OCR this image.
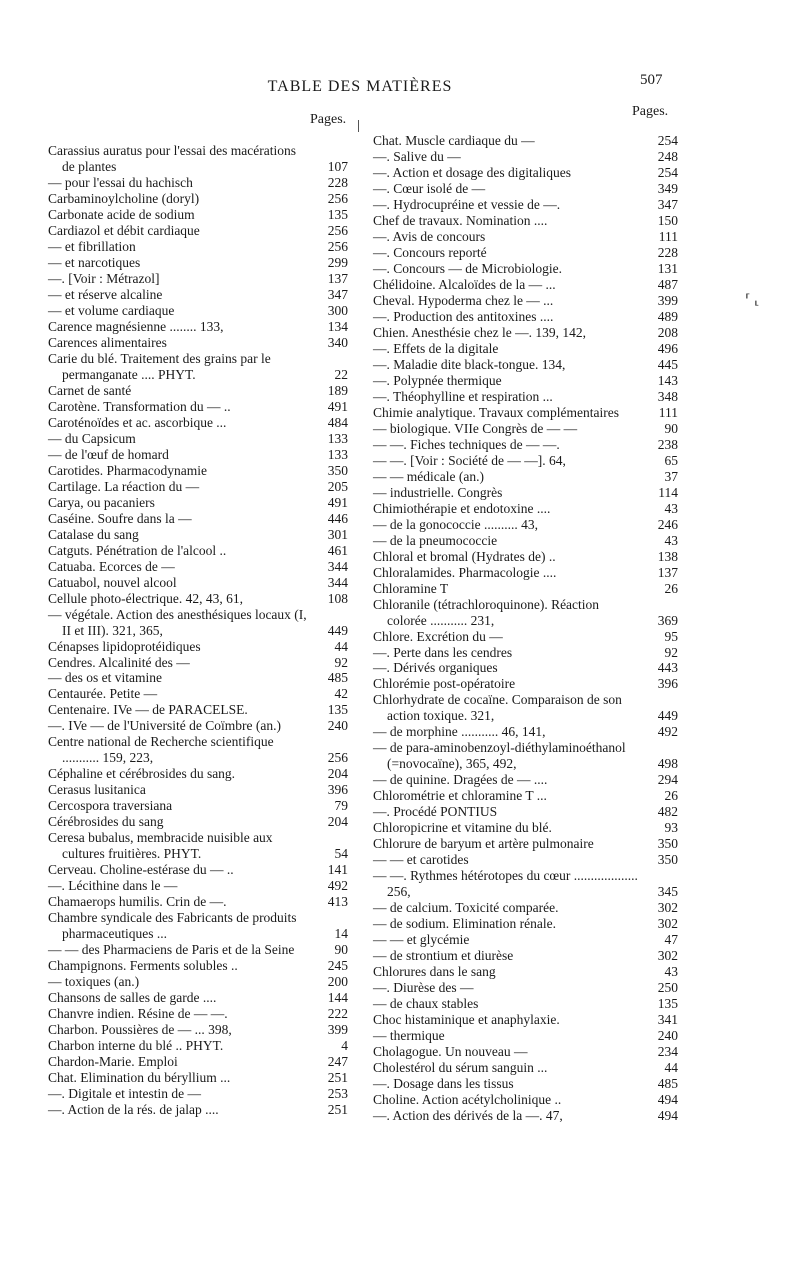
TABLE DES MATIÈRES	507
Pages.
Pages.
Carassius auratus pour l'essai des macérations de plantes	107
— pour l'essai du hachisch	228
Carbaminoylcholine (doryl)	256
Carbonate acide de sodium	135
Cardiazol et débit cardiaque	256
— et fibrillation	256
— et narcotiques	299
—. [Voir : Métrazol]	137
— et réserve alcaline	347
— et volume cardiaque	300
Carence magnésienne ........ 133,	134
Carences alimentaires	340
Carie du blé. Traitement des grains par le permanganate .... PHYT.	22
Carnet de santé	189
Carotène. Transformation du — ..	491
Caroténoïdes et ac. ascorbique ...	484
— du Capsicum	133
— de l'œuf de homard	133
Carotides. Pharmacodynamie	350
Cartilage. La réaction du —	205
Carya, ou pacaniers	491
Caséine. Soufre dans la —	446
Catalase du sang	301
Catguts. Pénétration de l'alcool ..	461
Catuaba. Ecorces de —	344
Catuabol, nouvel alcool	344
Cellule photo-électrique. 42, 43, 61,	108
— végétale. Action des anesthésiques locaux (I, II et III). 321, 365,	449
Cénapses lipidoprotéidiques	44
Cendres. Alcalinité des —	92
— des os et vitamine	485
Centaurée. Petite —	42
Centenaire. IVe — de PARACELSE.	135
—. IVe — de l'Université de Coïmbre (an.)	240
Centre national de Recherche scientifique ........... 159, 223,	256
Céphaline et cérébrosides du sang.	204
Cerasus lusitanica	396
Cercospora traversiana	79
Cérébrosides du sang	204
Ceresa bubalus, membracide nuisible aux cultures fruitières. PHYT.	54
Cerveau. Choline-estérase du — ..	141
—. Lécithine dans le —	492
Chamaerops humilis. Crin de —.	413
Chambre syndicale des Fabricants de produits pharmaceutiques ...	14
— — des Pharmaciens de Paris et de la Seine	90
Champignons. Ferments solubles ..	245
— toxiques (an.)	200
Chansons de salles de garde ....	144
Chanvre indien. Résine de — —.	222
Charbon. Poussières de — ... 398,	399
Charbon interne du blé .. PHYT.	4
Chardon-Marie. Emploi	247
Chat. Elimination du béryllium ...	251
—. Digitale et intestin de —	253
—. Action de la rés. de jalap ....	251
Chat. Muscle cardiaque du —	254
—. Salive du —	248
—. Action et dosage des digitaliques	254
—. Cœur isolé de —	349
—. Hydrocupréine et vessie de —.	347
Chef de travaux. Nomination ....	150
—. Avis de concours	111
—. Concours reporté	228
—. Concours — de Microbiologie.	131
Chélidoine. Alcaloïdes de la — ...	487
Cheval. Hypoderma chez le — ...	399
—. Production des antitoxines ....	489
Chien. Anesthésie chez le —. 139, 142,	208
—. Effets de la digitale	496
—. Maladie dite black-tongue. 134,	445
—. Polypnée thermique	143
—. Théophylline et respiration ...	348
Chimie analytique. Travaux complémentaires	111
— biologique. VIIe Congrès de — —	90
— —. Fiches techniques de — —.	238
— —. [Voir : Société de — —]. 64,	65
— — médicale (an.)	37
— industrielle. Congrès	114
Chimiothérapie et endotoxine ....	43
— de la gonococcie .......... 43,	246
— de la pneumococcie	43
Chloral et bromal (Hydrates de) ..	138
Chloralamides. Pharmacologie ....	137
Chloramine T	26
Chloranile (tétrachloroquinone). Réaction colorée ........... 231,	369
Chlore. Excrétion du —	95
—. Perte dans les cendres	92
—. Dérivés organiques	443
Chlorémie post-opératoire	396
Chlorhydrate de cocaïne. Comparaison de son action toxique. 321,	449
— de morphine ........... 46, 141,	492
— de para-aminobenzoyl-diéthylaminoéthanol (=novocaïne), 365, 492,	498
— de quinine. Dragées de — ....	294
Chlorométrie et chloramine T ...	26
—. Procédé PONTIUS	482
Chloropicrine et vitamine du blé.	93
Chlorure de baryum et artère pulmonaire	350
— — et carotides	350
— —. Rythmes hétérotopes du cœur ................... 256,	345
— de calcium. Toxicité comparée.	302
— de sodium. Elimination rénale.	302
— — et glycémie	47
— de strontium et diurèse	302
Chlorures dans le sang	43
—. Diurèse des —	250
— de chaux stables	135
Choc histaminique et anaphylaxie.	341
— thermique	240
Cholagogue. Un nouveau —	234
Cholestérol du sérum sanguin ...	44
—. Dosage dans les tissus	485
Choline. Action acétylcholinique ..	494
—. Action des dérivés de la —. 47,	494
⸢ ⸤
